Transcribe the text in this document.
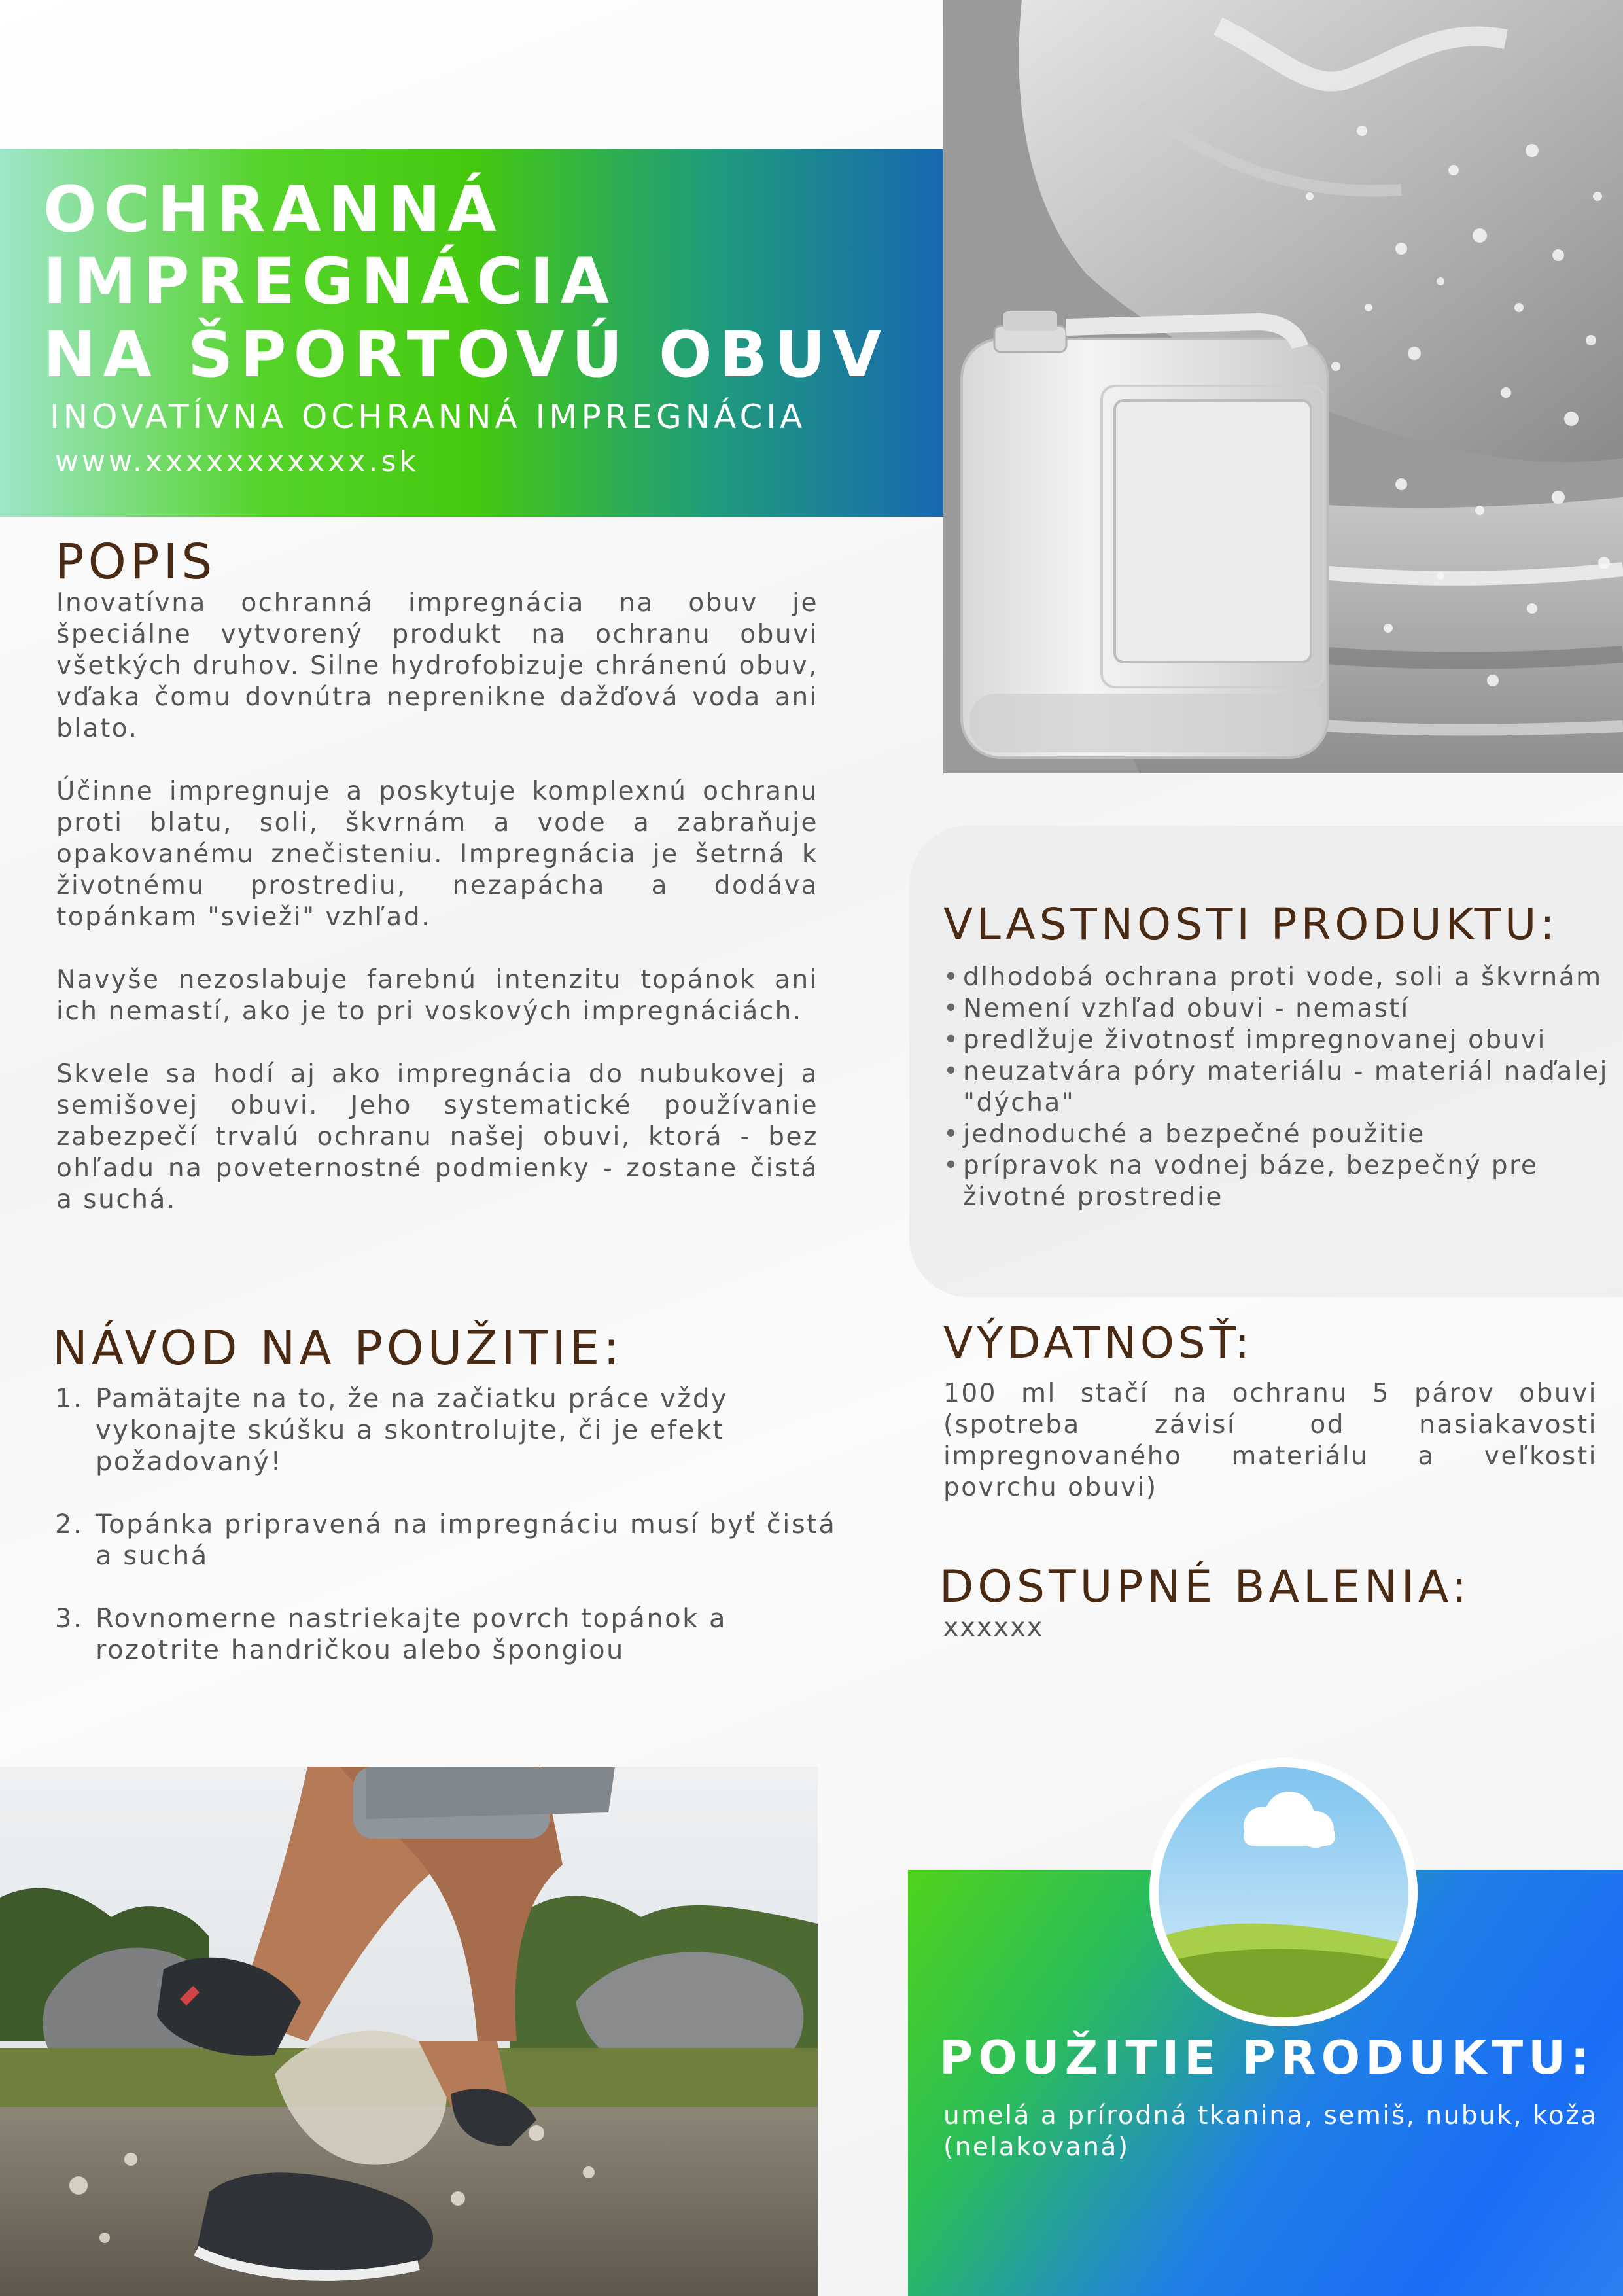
OCHRANNÁ
IMPREGNÁCIA
NA ŠPORTOVÚ OBUV
INOVATÍVNA OCHRANNÁ IMPREGNÁCIA
www.xxxxxxxxxxx.sk
POPIS

Inovatívna ochranná impregnácia na obuv je špeciálne vytvorený produkt na ochranu obuvi všetkých druhov. Silne hydrofobizuje chránenú obuv, vďaka čomu dovnútra neprenikne dažďová voda ani blato.

Účinne impregnuje a poskytuje komplexnú ochranu proti blatu, soli, škvrnám a vode a zabraňuje opakovanému znečisteniu. Impregnácia je šetrná k životnému prostrediu, nezapácha a dodáva topánkam "svieži" vzhľad.

Navyše nezoslabuje farebnú intenzitu topánok ani ich nemastí, ako je to pri voskových impregnáciách.

Skvele sa hodí aj ako impregnácia do nubukovej a semišovej obuvi. Jeho systematické používanie zabezpečí trvalú ochranu našej obuvi, ktorá - bez ohľadu na poveternostné podmienky - zostane čistá a suchá.

NÁVOD NA POUŽITIE:
1. Pamätajte na to, že na začiatku práce vždy vykonajte skúšku a skontrolujte, či je efekt požadovaný!
2. Topánka pripravená na impregnáciu musí byť čistá a suchá
3. Rovnomerne nastriekajte povrch topánok a rozotrite handričkou alebo špongiou
VLASTNOSTI PRODUKTU:
• dlhodobá ochrana proti vode, soli a škvrnám
• Nemení vzhľad obuvi - nemastí
• predlžuje životnosť impregnovanej obuvi
• neuzatvára póry materiálu - materiál naďalej "dýcha"
• jednoduché a bezpečné použitie
• prípravok na vodnej báze, bezpečný pre životné prostredie
VÝDATNOSŤ:
100 ml stačí na ochranu 5 párov obuvi (spotreba závisí od nasiakavosti impregnovaného materiálu a veľkosti povrchu obuvi)
DOSTUPNÉ BALENIA:
xxxxxx
POUŽITIE PRODUKTU:
umelá a prírodná tkanina, semiš, nubuk, koža (nelakovaná)
